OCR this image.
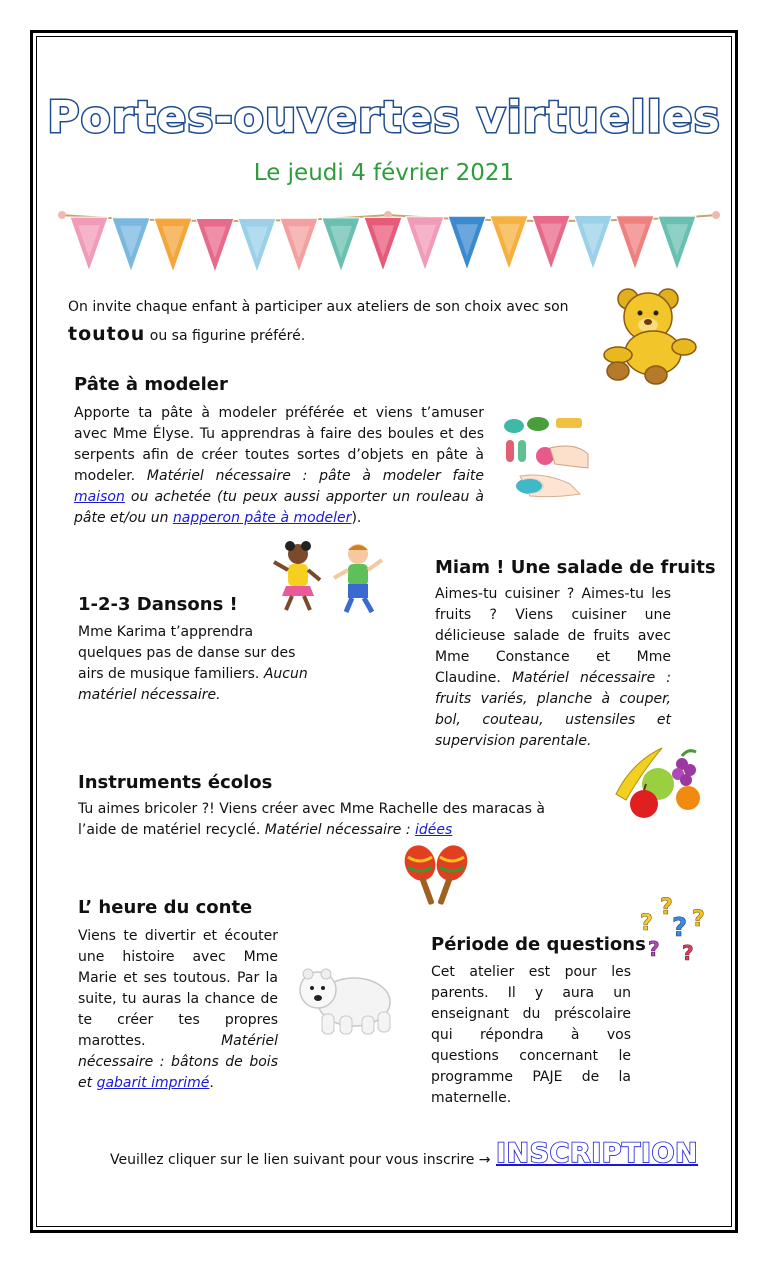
Portes-ouvertes virtuelles
Le jeudi 4 février 2021
On invite chaque enfant à participer aux ateliers de son choix avec son
toutou ou sa figurine préféré.
Pâte à modeler
Apporte ta pâte à modeler préférée et viens t’amuser avec Mme Élyse. Tu apprendras à faire des boules et des serpents afin de créer toutes sortes d’objets en pâte à modeler. Matériel nécessaire : pâte à modeler faite maison ou achetée (tu peux aussi apporter un rouleau à pâte et/ou un napperon pâte à modeler).
1-2-3 Dansons !
Mme Karima t’apprendra quelques pas de danse sur des airs de musique familiers. Aucun matériel nécessaire.
Miam ! Une salade de fruits
Aimes-tu cuisiner ? Aimes-tu les fruits ? Viens cuisiner une délicieuse salade de fruits avec Mme Constance et Mme Claudine. Matériel nécessaire : fruits variés, planche à couper, bol, couteau, ustensiles et supervision parentale.
Instruments écolos
Tu aimes bricoler ?! Viens créer avec Mme Rachelle des maracas à l’aide de matériel recyclé. Matériel nécessaire : idées
L’ heure du conte
Viens te divertir et écouter une histoire avec Mme Marie et ses toutous. Par la suite, tu auras la chance de te créer tes propres marottes. Matériel nécessaire : bâtons de bois et gabarit imprimé.
Période de questions
Cet atelier est pour les parents. Il y aura un enseignant du préscolaire qui répondra à vos questions concernant le programme PAJE de la maternelle.
?
? ? ?
? ?
Veuillez cliquer sur le lien suivant pour vous inscrire → INSCRIPTION
